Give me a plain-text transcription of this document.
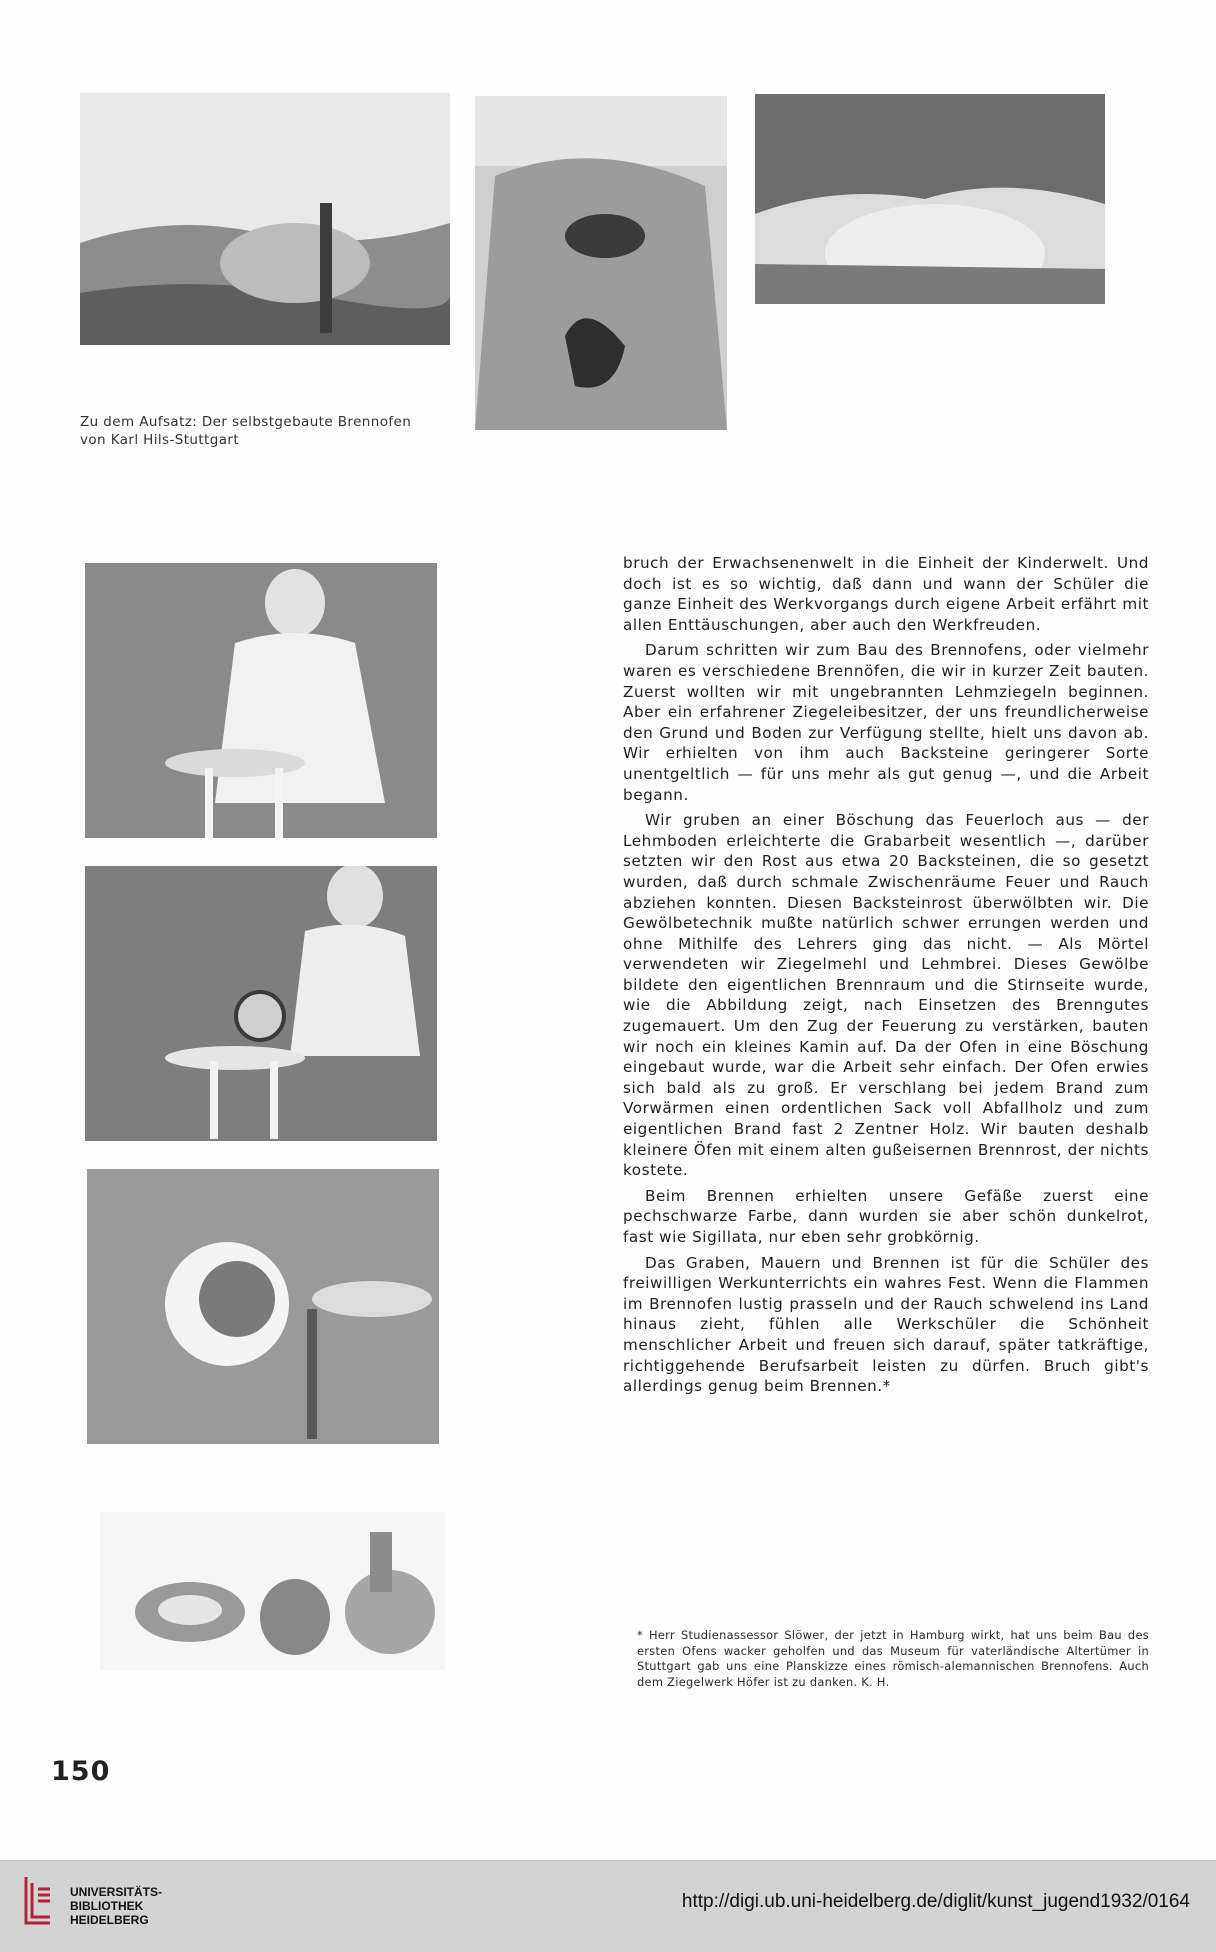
Zu dem Aufsatz: Der selbstgebaute Brennofen
von Karl Hils-Stuttgart

bruch der Erwachsenenwelt in die Einheit der Kinderwelt. Und doch ist es so wichtig, daß dann und wann der Schüler die ganze Einheit des Werkvorgangs durch eigene Arbeit erfährt mit allen Enttäuschungen, aber auch den Werkfreuden.

Darum schritten wir zum Bau des Brennofens, oder vielmehr waren es verschiedene Brennöfen, die wir in kurzer Zeit bauten. Zuerst wollten wir mit ungebrannten Lehmziegeln beginnen. Aber ein erfahrener Ziegeleibesitzer, der uns freundlicherweise den Grund und Boden zur Verfügung stellte, hielt uns davon ab. Wir erhielten von ihm auch Backsteine geringerer Sorte unentgeltlich — für uns mehr als gut genug —, und die Arbeit begann.

Wir gruben an einer Böschung das Feuerloch aus — der Lehmboden erleichterte die Grabarbeit wesentlich —, darüber setzten wir den Rost aus etwa 20 Backsteinen, die so gesetzt wurden, daß durch schmale Zwischenräume Feuer und Rauch abziehen konnten. Diesen Backsteinrost überwölbten wir. Die Gewölbetechnik mußte natürlich schwer errungen werden und ohne Mithilfe des Lehrers ging das nicht. — Als Mörtel verwendeten wir Ziegelmehl und Lehmbrei. Dieses Gewölbe bildete den eigentlichen Brennraum und die Stirnseite wurde, wie die Abbildung zeigt, nach Einsetzen des Brenngutes zugemauert. Um den Zug der Feuerung zu verstärken, bauten wir noch ein kleines Kamin auf. Da der Ofen in eine Böschung eingebaut wurde, war die Arbeit sehr einfach. Der Ofen erwies sich bald als zu groß. Er verschlang bei jedem Brand zum Vorwärmen einen ordentlichen Sack voll Abfallholz und zum eigentlichen Brand fast 2 Zentner Holz. Wir bauten deshalb kleinere Öfen mit einem alten gußeisernen Brennrost, der nichts kostete.

Beim Brennen erhielten unsere Gefäße zuerst eine pechschwarze Farbe, dann wurden sie aber schön dunkelrot, fast wie Sigillata, nur eben sehr grobkörnig.

Das Graben, Mauern und Brennen ist für die Schüler des freiwilligen Werkunterrichts ein wahres Fest. Wenn die Flammen im Brennofen lustig prasseln und der Rauch schwelend ins Land hinaus zieht, fühlen alle Werkschüler die Schönheit menschlicher Arbeit und freuen sich darauf, später tatkräftige, richtiggehende Berufsarbeit leisten zu dürfen. Bruch gibt's allerdings genug beim Brennen.*

* Herr Studienassessor Slöwer, der jetzt in Hamburg wirkt, hat uns beim Bau des ersten Ofens wacker geholfen und das Museum für vaterländische Altertümer in Stuttgart gab uns eine Planskizze eines römisch-alemannischen Brennofens. Auch dem Ziegelwerk Höfer ist zu danken. K. H.
150
UNIVERSITÄTS-
BIBLIOTHEK
HEIDELBERG
http://digi.ub.uni-heidelberg.de/diglit/kunst_jugend1932/0164
